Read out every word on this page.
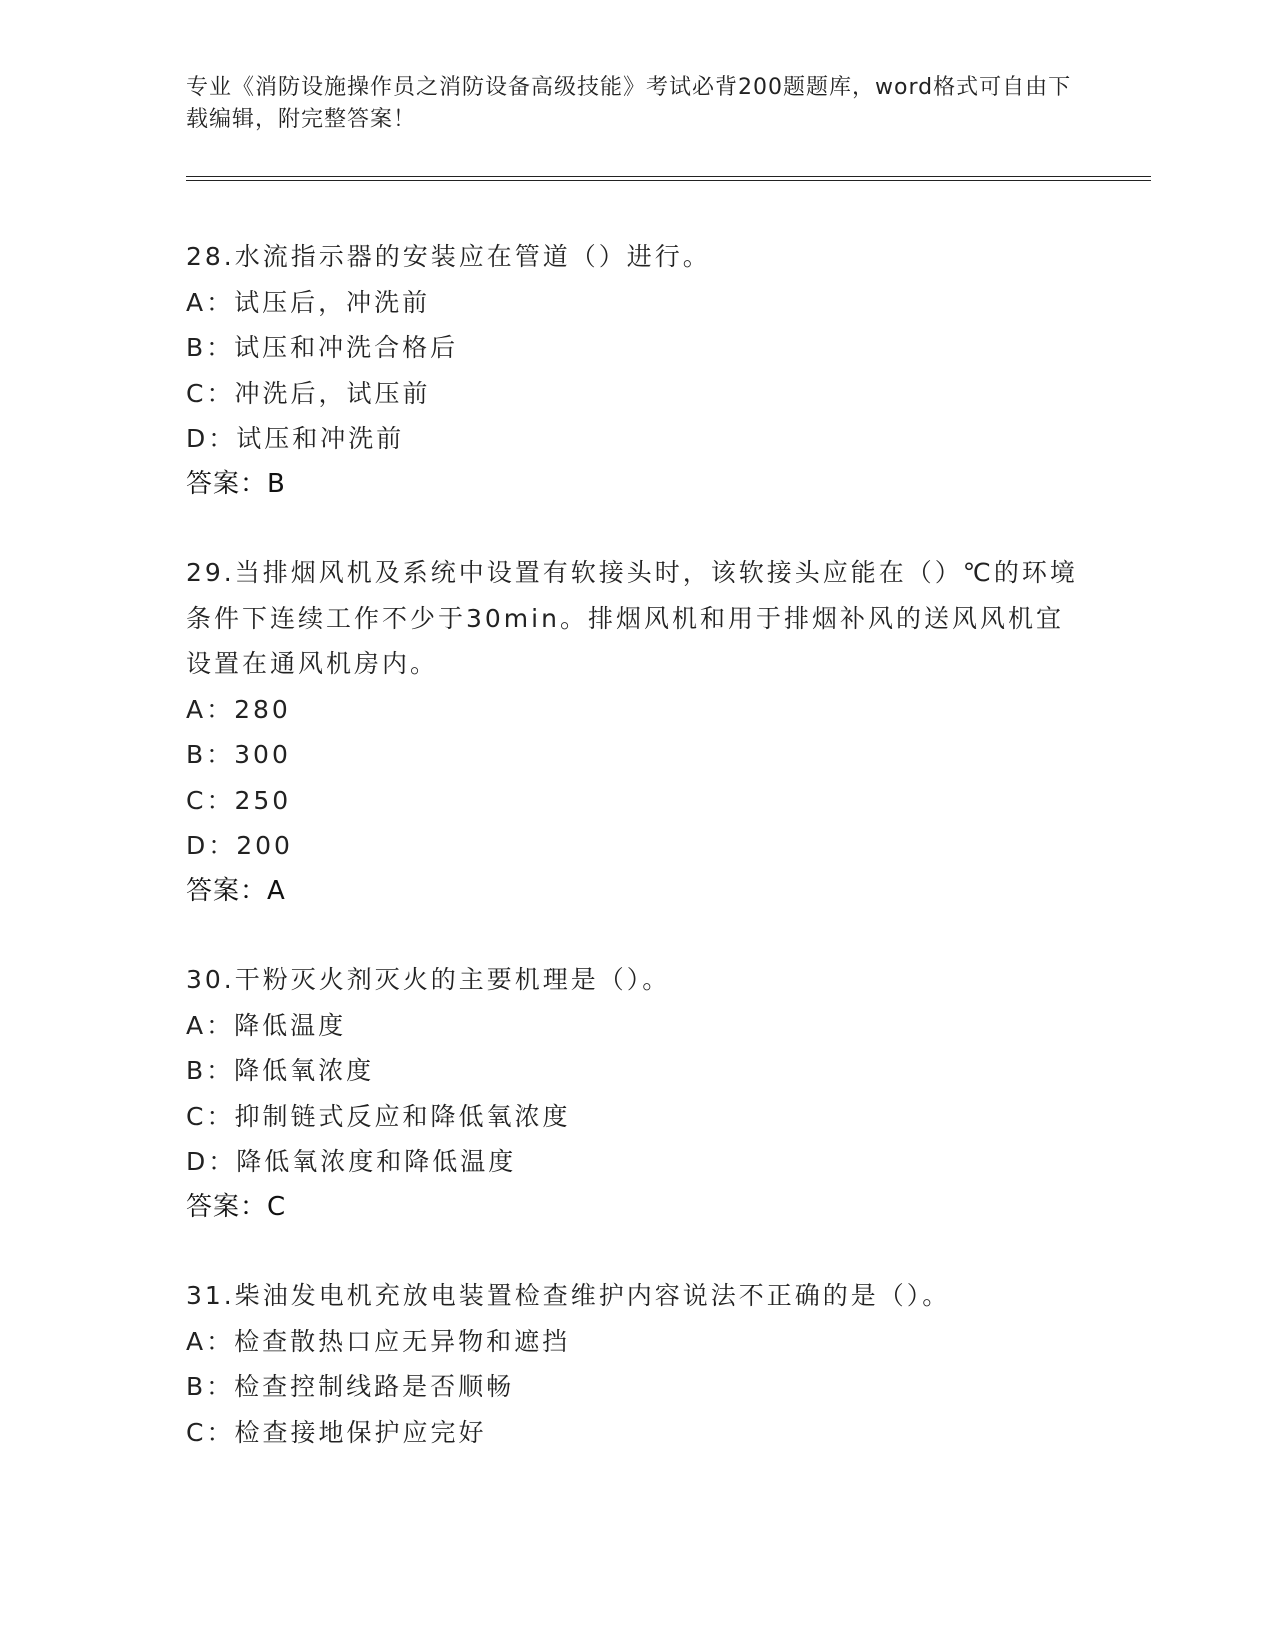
专业《消防设施操作员之消防设备高级技能》考试必背200题题库，word格式可自由下载编辑，附完整答案！
28.水流指示器的安装应在管道（）进行。
A：试压后，冲洗前
B：试压和冲洗合格后
C：冲洗后，试压前
D：试压和冲洗前
答案：B
29.当排烟风机及系统中设置有软接头时，该软接头应能在（）℃的环境条件下连续工作不少于30min。排烟风机和用于排烟补风的送风风机宜设置在通风机房内。
A：280
B：300
C：250
D：200
答案：A
30.干粉灭火剂灭火的主要机理是（）。
A：降低温度
B：降低氧浓度
C：抑制链式反应和降低氧浓度
D：降低氧浓度和降低温度
答案：C
31.柴油发电机充放电装置检查维护内容说法不正确的是（）。
A：检查散热口应无异物和遮挡
B：检查控制线路是否顺畅
C：检查接地保护应完好
